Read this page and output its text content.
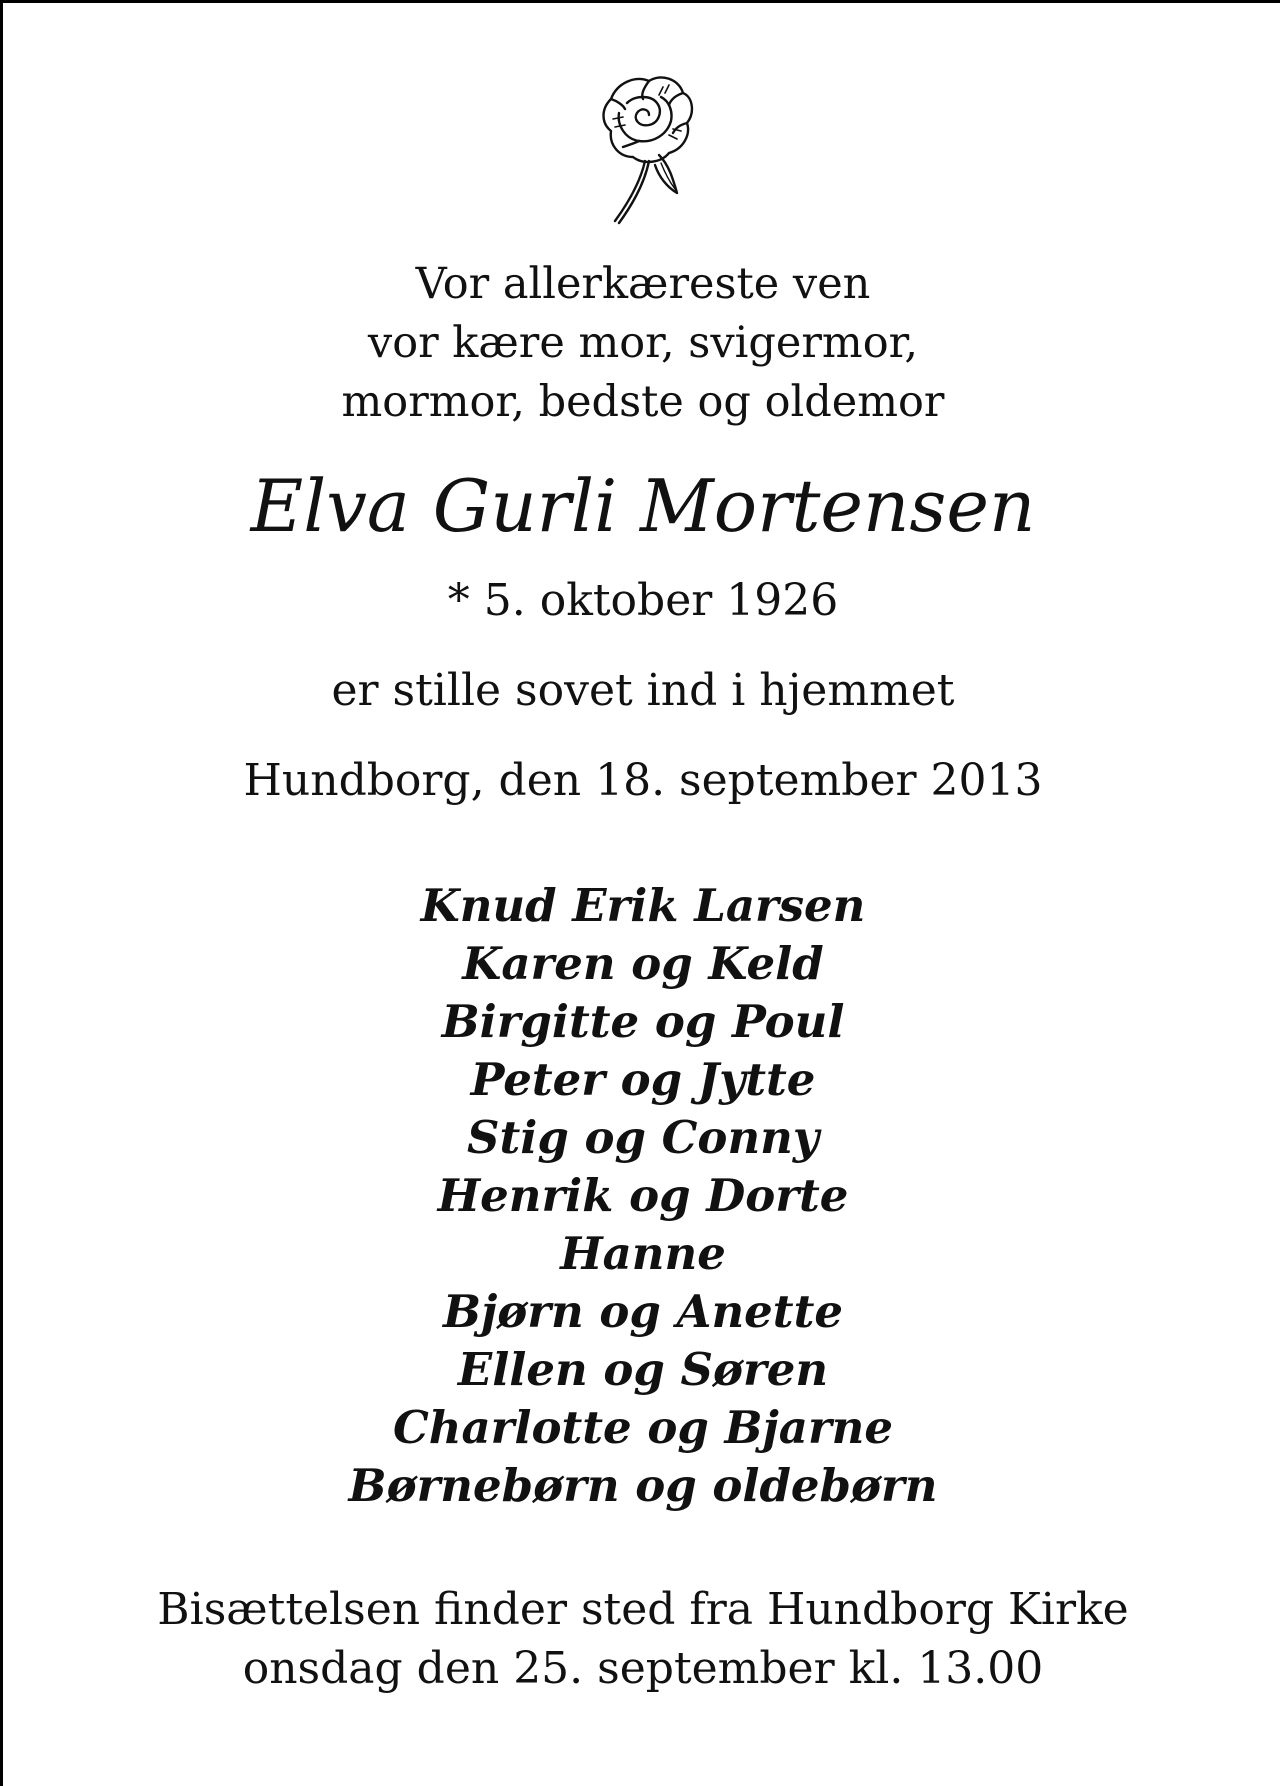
Vor allerkæreste ven
vor kære mor, svigermor,
mormor, bedste og oldemor
Elva Gurli Mortensen
* 5. oktober 1926
er stille sovet ind i hjemmet
Hundborg, den 18. september 2013
Knud Erik Larsen
Karen og Keld
Birgitte og Poul
Peter og Jytte
Stig og Conny
Henrik og Dorte
Hanne
Bjørn og Anette
Ellen og Søren
Charlotte og Bjarne
Børnebørn og oldebørn
Bisættelsen finder sted fra Hundborg Kirke
onsdag den 25. september kl. 13.00
